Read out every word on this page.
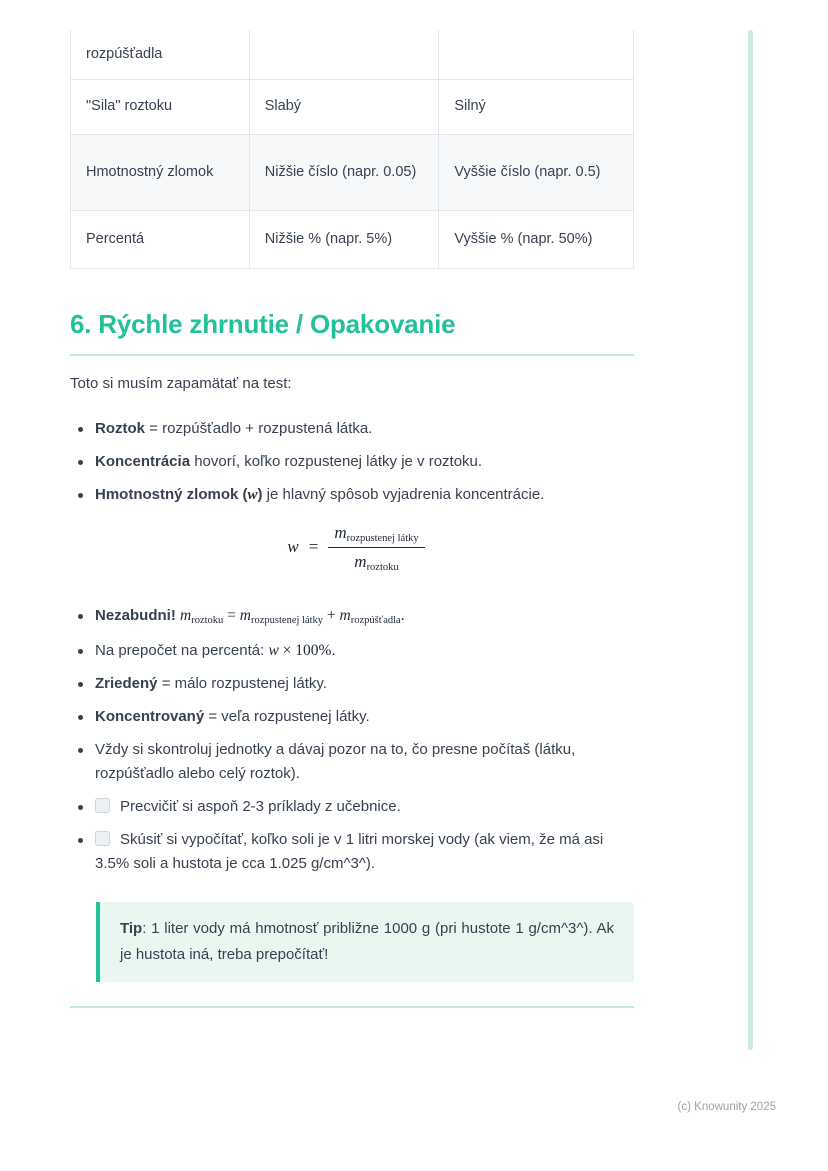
rozpúšťadla		
"Sila" roztoku	Slabý	Silný
Hmotnostný zlomok	Nižšie číslo (napr. 0.05)	Vyššie číslo (napr. 0.5)
Percentá	Nižšie % (napr. 5%)	Vyššie % (napr. 50%)
6. Rýchle zhrnutie / Opakovanie

Toto si musím zapamätať na test:

Roztok = rozpúšťadlo + rozpustená látka.
Koncentrácia hovorí, koľko rozpustenej látky je v roztoku.
Hmotnostný zlomok (w) je hlavný spôsob vyjadrenia koncentrácie.
$w = \frac{\text{mrozpustenej látky}}{\text{mroztoku}}$
Nezabudni! mroztoku = mrozpustenej látky + mrozpúšťadla.
Na prepočet na percentá: w × 100%.
Zriedený = málo rozpustenej látky.
Koncentrovaný = veľa rozpustenej látky.
Vždy si skontroluj jednotky a dávaj pozor na to, čo presne počítaš (látku, rozpúšťadlo alebo celý roztok).
Precvičiť si aspoň 2-3 príklady z učebnice.
Skúsiť si vypočítať, koľko soli je v 1 litri morskej vody (ak viem, že má asi 3.5% soli a hustota je cca 1.025 g/cm^3^).
Tip: 1 liter vody má hmotnosť približne 1000 g (pri hustote 1 g/cm^3^). Ak je hustota iná, treba prepočítať!
(c) Knowunity 2025
